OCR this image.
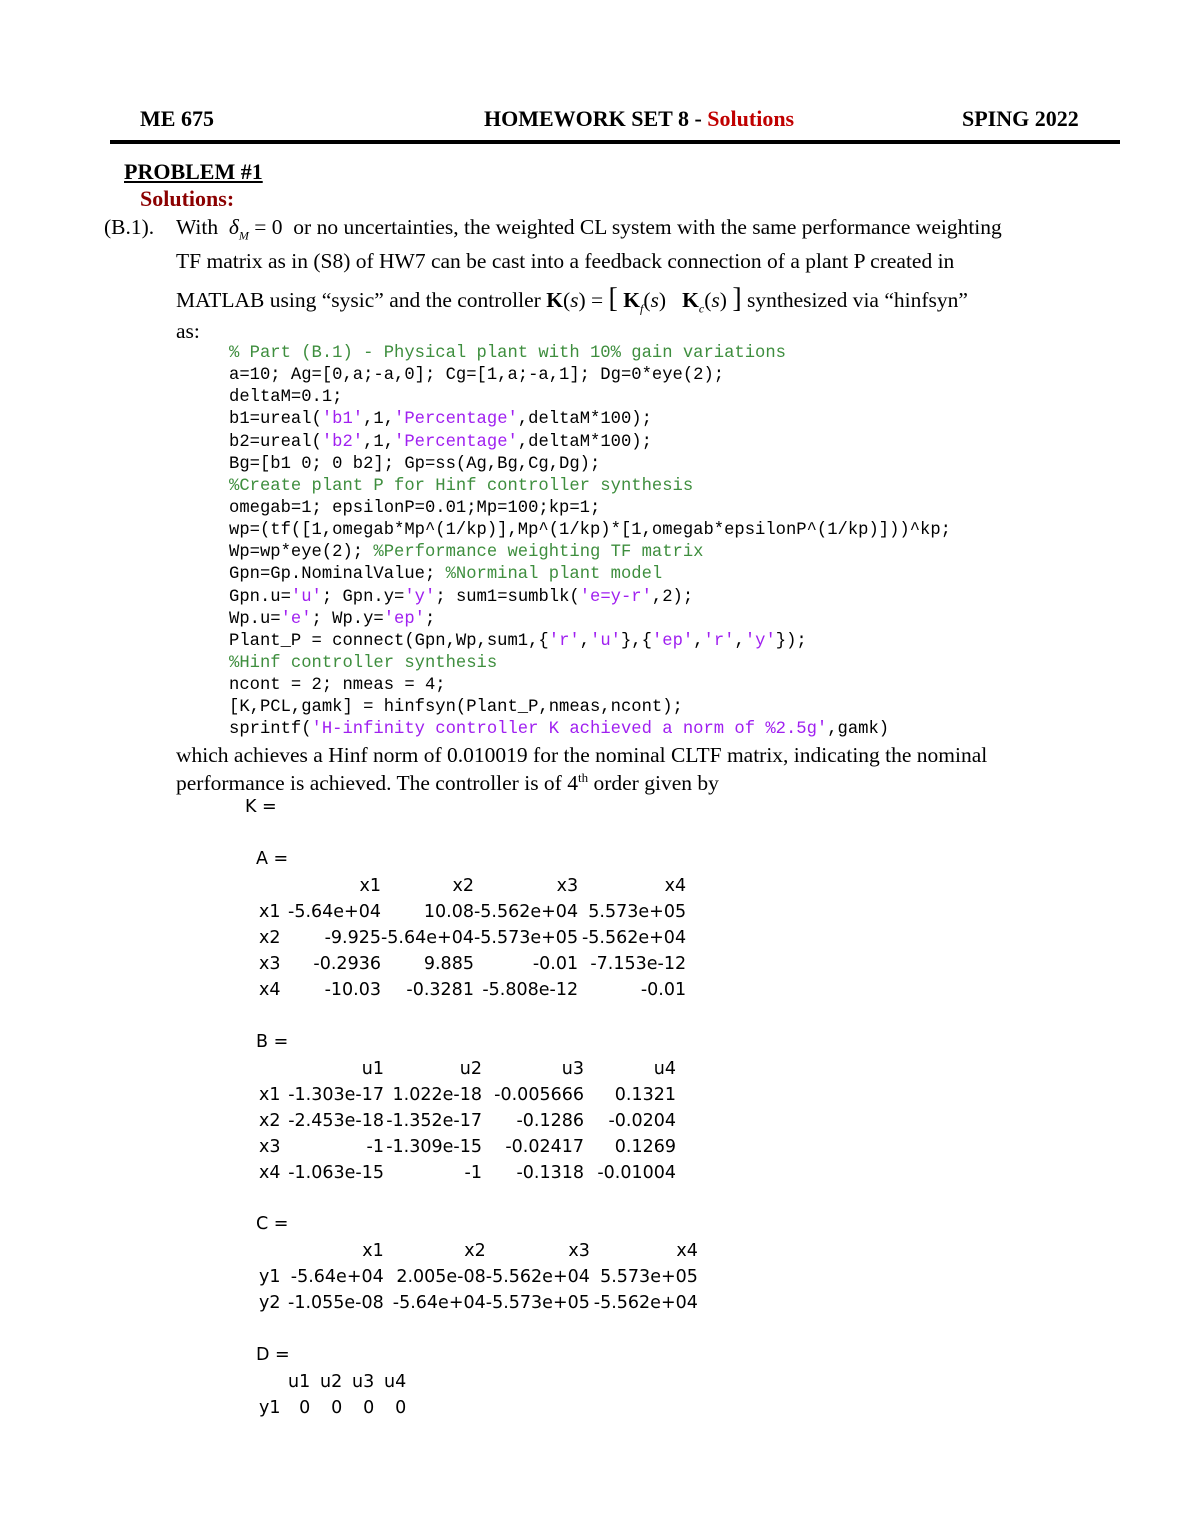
ME 675	HOMEWORK SET 8 - Solutions	SPING 2022
PROBLEM #1
Solutions:
(B.1). With $\delta_M = 0$ or no uncertainties, the weighted CL system with the same performance weighting
TF matrix as in (S8) of HW7 can be cast into a feedback connection of a plant P created in
MATLAB using “sysic” and the controller K(s) = [ $K_f(s)$   $K_c(s)$ ] synthesized via “hinfsyn”
as:
% Part (B.1) - Physical plant with 10% gain variations
a=10; Ag=[0,a;-a,0]; Cg=[1,a;-a,1]; Dg=0*eye(2);
deltaM=0.1;
b1=ureal('b1',1,'Percentage',deltaM*100);
b2=ureal('b2',1,'Percentage',deltaM*100);
Bg=[b1 0; 0 b2]; Gp=ss(Ag,Bg,Cg,Dg);
%Create plant P for Hinf controller synthesis
omegab=1; epsilonP=0.01;Mp=100;kp=1;
wp=(tf([1,omegab*Mp^(1/kp)],Mp^(1/kp)*[1,omegab*epsilonP^(1/kp)]))^kp;
Wp=wp*eye(2); %Performance weighting TF matrix
Gpn=Gp.NominalValue; %Norminal plant model
Gpn.u='u'; Gpn.y='y'; sum1=sumblk('e=y-r',2);
Wp.u='e'; Wp.y='ep';
Plant_P = connect(Gpn,Wp,sum1,{'r','u'},{'ep','r','y'});
%Hinf controller synthesis
ncont = 2; nmeas = 4;
[K,PCL,gamk] = hinfsyn(Plant_P,nmeas,ncont);
sprintf('H-infinity controller K achieved a norm of %2.5g',gamk)
which achieves a Hinf norm of 0.010019 for the nominal CLTF matrix, indicating the nominal
performance is achieved. The controller is of 4th order given by
K =
A =
	x1	x2	x3	x4
x1	-5.64e+04	10.08	-5.562e+04	5.573e+05
x2	-9.925	-5.64e+04	-5.573e+05	-5.562e+04
x3	-0.2936	9.885	-0.01	-7.153e-12
x4	-10.03	-0.3281	-5.808e-12	-0.01
B =
	u1	u2	u3	u4
x1	-1.303e-17	1.022e-18	-0.005666	0.1321
x2	-2.453e-18	-1.352e-17	-0.1286	-0.0204
x3	-1	-1.309e-15	-0.02417	0.1269
x4	-1.063e-15	-1	-0.1318	-0.01004
C =
	x1	x2	x3	x4
y1	-5.64e+04	2.005e-08	-5.562e+04	5.573e+05
y2	-1.055e-08	-5.64e+04	-5.573e+05	-5.562e+04
D =
	u1	u2	u3	u4
y1	0	0	0	0
